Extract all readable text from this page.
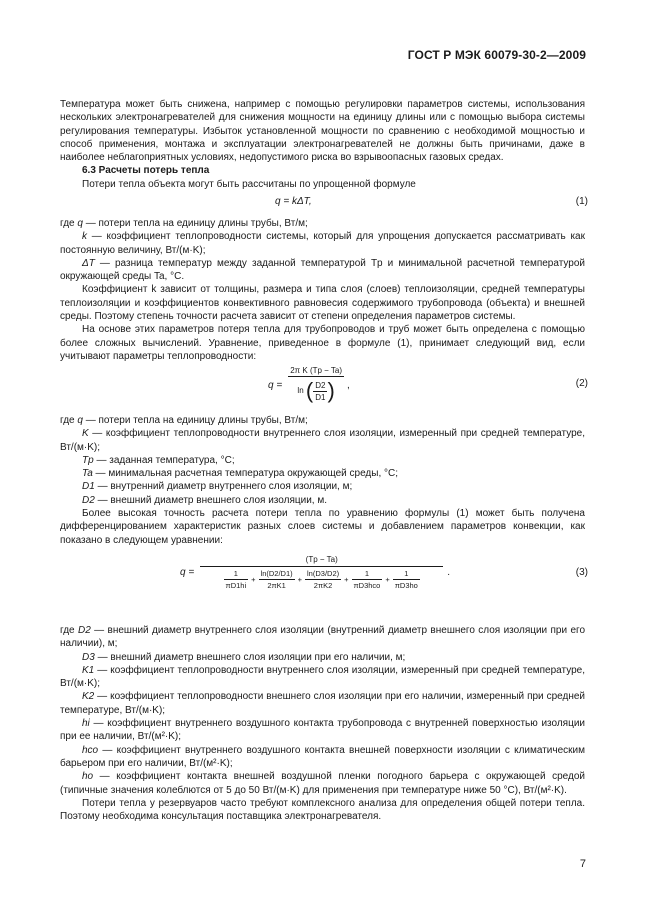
ГОСТ Р МЭК 60079-30-2—2009

Температура может быть снижена, например с помощью регулировки параметров системы, использования нескольких электронагревателей для снижения мощности на единицу длины или с помощью выбора системы регулирования температуры. Избыток установленной мощности по сравнению с необходимой мощностью и способ применения, монтажа и эксплуатации электронагревателей не должны быть причинами, даже в наиболее неблагоприятных условиях, недопустимого риска во взрывоопасных газовых средах.

6.3 Расчеты потерь тепла

Потери тепла объекта могут быть рассчитаны по упрощенной формуле

q = kΔT,	(1)

где q — потери тепла на единицу длины трубы, Вт/м;

k — коэффициент теплопроводности системы, который для упрощения допускается рассматривать как постоянную величину, Вт/(м·K);

ΔT — разница температур между заданной температурой Tp и минимальной расчетной температурой окружающей среды Ta, °C.

Коэффициент k зависит от толщины, размера и типа слоя (слоев) теплоизоляции, средней температуры теплоизоляции и коэффициентов конвективного равновесия содержимого трубопровода (объекта) и внешней среды. Поэтому степень точности расчета зависит от степени определения параметров системы.

На основе этих параметров потеря тепла для трубопроводов и труб может быть определена с помощью более сложных вычислений. Уравнение, приведенное в формуле (1), принимает следующий вид, если учитывают параметры теплопроводности:

$q = \frac{\text{2π K (Tp − Ta)}}{\ln ( \frac{D2}{D1} )}$ ,	(2)

где q — потери тепла на единицу длины трубы, Вт/м;

K — коэффициент теплопроводности внутреннего слоя изоляции, измеренный при средней температуре, Вт/(м·K);

Tp — заданная температура, °C;

Ta — минимальная расчетная температура окружающей среды, °C;

D1 — внутренний диаметр внутреннего слоя изоляции, м;

D2 — внешний диаметр внешнего слоя изоляции, м.

Более высокая точность расчета потери тепла по уравнению формулы (1) может быть получена дифференцированием характеристик разных слоев системы и добавлением параметров конвекции, как показано в следующем уравнении:

q =
(Tp − Ta)
$\frac{1}{\pi D1hi} + \frac{\ln(D2/D1)}{2\pi K1} + \frac{\ln(D3/D2)}{2\pi K2} + \frac{1}{\text{πD3hco}} + \frac{1}{\pi D3ho}$	.	(3)

где D2 — внешний диаметр внутреннего слоя изоляции (внутренний диаметр внешнего слоя изоляции при его наличии), м;

D3 — внешний диаметр внешнего слоя изоляции при его наличии, м;

K1 — коэффициент теплопроводности внутреннего слоя изоляции, измеренный при средней температуре, Вт/(м·K);

K2 — коэффициент теплопроводности внешнего слоя изоляции при его наличии, измеренный при средней температуре, Вт/(м·K);

hi — коэффициент внутреннего воздушного контакта трубопровода с внутренней поверхностью изоляции при ее наличии, Вт/(м²·K);

hco — коэффициент внутреннего воздушного контакта внешней поверхности изоляции с климатическим барьером при его наличии, Вт/(м²·K);

ho — коэффициент контакта внешней воздушной пленки погодного барьера с окружающей средой (типичные значения колеблются от 5 до 50 Вт/(м·K) для применения при температуре ниже 50 °C), Вт/(м²·K).

Потери тепла у резервуаров часто требуют комплексного анализа для определения общей потери тепла. Поэтому необходима консультация поставщика электронагревателя.

7
